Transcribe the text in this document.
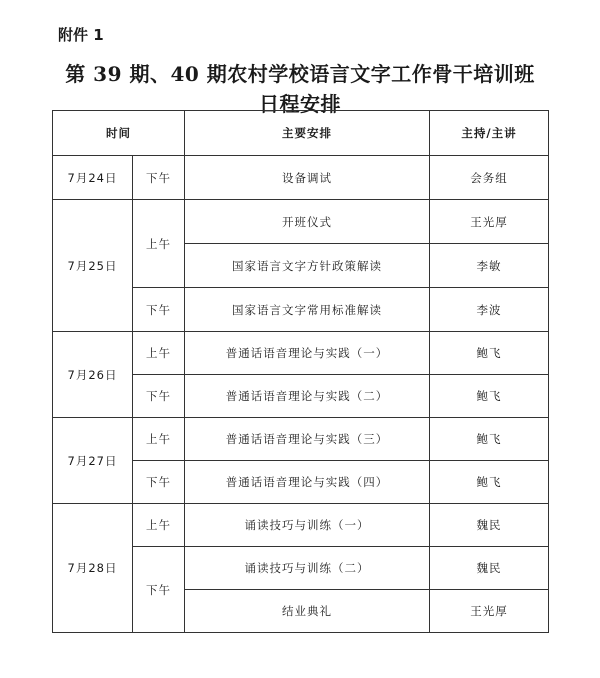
附件 1
第 39 期、40 期农村学校语言文字工作骨干培训班
日程安排
时间		主要安排	主持/主讲
7月24日	下午	设备调试	会务组
7月25日	上午	开班仪式	王光厚
		国家语言文字方针政策解读	李敏
	下午	国家语言文字常用标准解读	李波
7月26日	上午	普通话语音理论与实践（一）	鲍飞
	下午	普通话语音理论与实践（二）	鲍飞
7月27日	上午	普通话语音理论与实践（三）	鲍飞
	下午	普通话语音理论与实践（四）	鲍飞
7月28日	上午	诵读技巧与训练（一）	魏民
	下午	诵读技巧与训练（二）	魏民
		结业典礼	王光厚
